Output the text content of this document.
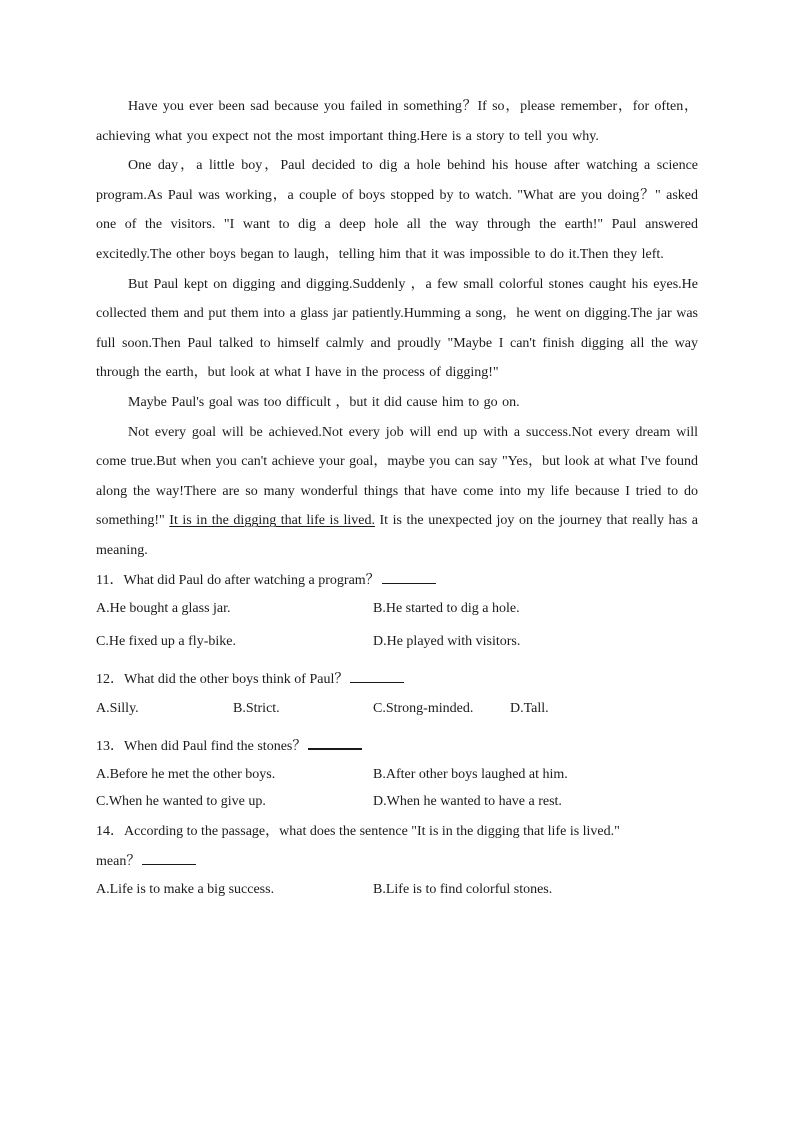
Have you ever been sad because you failed in something？If so，please remember，for often， achieving what you expect not the most important thing.Here is a story to tell you why.

One day，a little boy，Paul decided to dig a hole behind his house after watching a science program.As Paul was working，a couple of boys stopped by to watch. "What are you doing？" asked one of the visitors. "I want to dig a deep hole all the way through the earth!" Paul answered excitedly.The other boys began to laugh，telling him that it was impossible to do it.Then they left.

But Paul kept on digging and digging.Suddenly ，a few small colorful stones caught his eyes.He collected them and put them into a glass jar patiently.Humming a song，he went on digging.The jar was full soon.Then Paul talked to himself calmly and proudly "Maybe I can't finish digging all the way through the earth，but look at what I have in the process of digging!"

Maybe Paul's goal was too difficult ，but it did cause him to go on.

Not every goal will be achieved.Not every job will end up with a success.Not every dream will come true.But when you can't achieve your goal，maybe you can say "Yes，but look at what I've found along the way!There are so many wonderful things that have come into my life because I tried to do something!" It is in the digging that life is lived. It is the unexpected joy on the journey that really has a meaning.

11．What did Paul do after watching a program？

A.He bought a glass jar.	B.He started to dig a hole.
C.He fixed up a fly-bike.	D.He played with visitors.

12．What did the other boys think of Paul？

A.Silly.	B.Strict.	C.Strong-minded.	D.Tall.

13．When did Paul find the stones？

A.Before he met the other boys.	B.After other boys laughed at him.
C.When he wanted to give up.	D.When he wanted to have a rest.

14．According to the passage，what does the sentence "It is in the digging that life is lived."
mean？

A.Life is to make a big success.	B.Life is to find colorful stones.
